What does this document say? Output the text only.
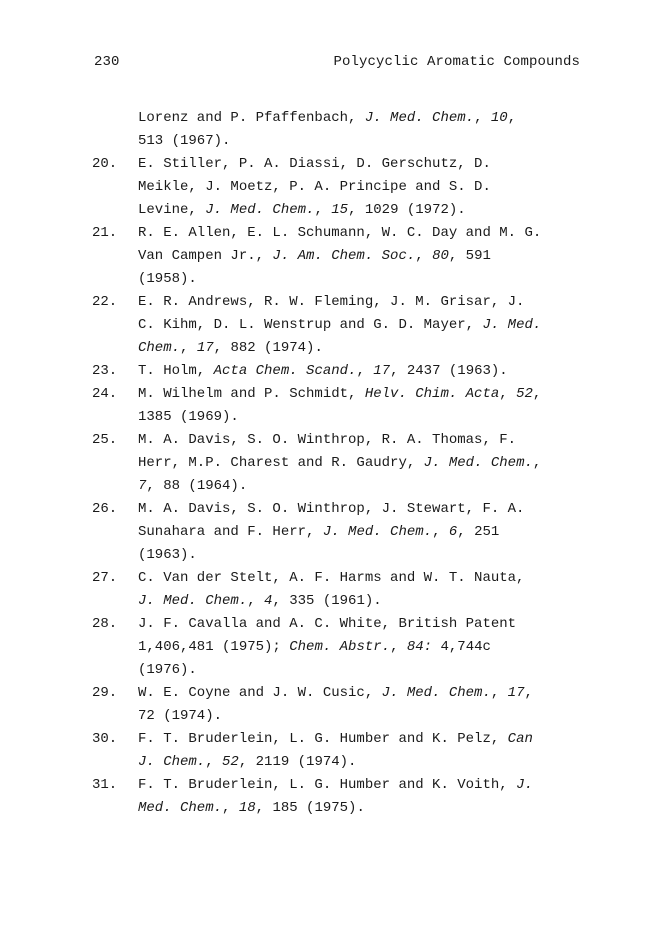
230	Polycyclic Aromatic Compounds
Lorenz and P. Pfaffenbach, J. Med. Chem., 10,
513 (1967).
20.	E. Stiller, P. A. Diassi, D. Gerschutz, D.
Meikle, J. Moetz, P. A. Principe and S. D.
Levine, J. Med. Chem., 15, 1029 (1972).
21.	R. E. Allen, E. L. Schumann, W. C. Day and M. G.
Van Campen Jr., J. Am. Chem. Soc., 80, 591
(1958).
22.	E. R. Andrews, R. W. Fleming, J. M. Grisar, J.
C. Kihm, D. L. Wenstrup and G. D. Mayer, J. Med.
Chem., 17, 882 (1974).
23.	T. Holm, Acta Chem. Scand., 17, 2437 (1963).
24.	M. Wilhelm and P. Schmidt, Helv. Chim. Acta, 52,
1385 (1969).
25.	M. A. Davis, S. O. Winthrop, R. A. Thomas, F.
Herr, M.P. Charest and R. Gaudry, J. Med. Chem.,
7, 88 (1964).
26.	M. A. Davis, S. O. Winthrop, J. Stewart, F. A.
Sunahara and F. Herr, J. Med. Chem., 6, 251
(1963).
27.	C. Van der Stelt, A. F. Harms and W. T. Nauta,
J. Med. Chem., 4, 335 (1961).
28.	J. F. Cavalla and A. C. White, British Patent
1,406,481 (1975); Chem. Abstr., 84: 4,744c
(1976).
29.	W. E. Coyne and J. W. Cusic, J. Med. Chem., 17,
72 (1974).
30.	F. T. Bruderlein, L. G. Humber and K. Pelz, Can
J. Chem., 52, 2119 (1974).
31.	F. T. Bruderlein, L. G. Humber and K. Voith, J.
Med. Chem., 18, 185 (1975).
